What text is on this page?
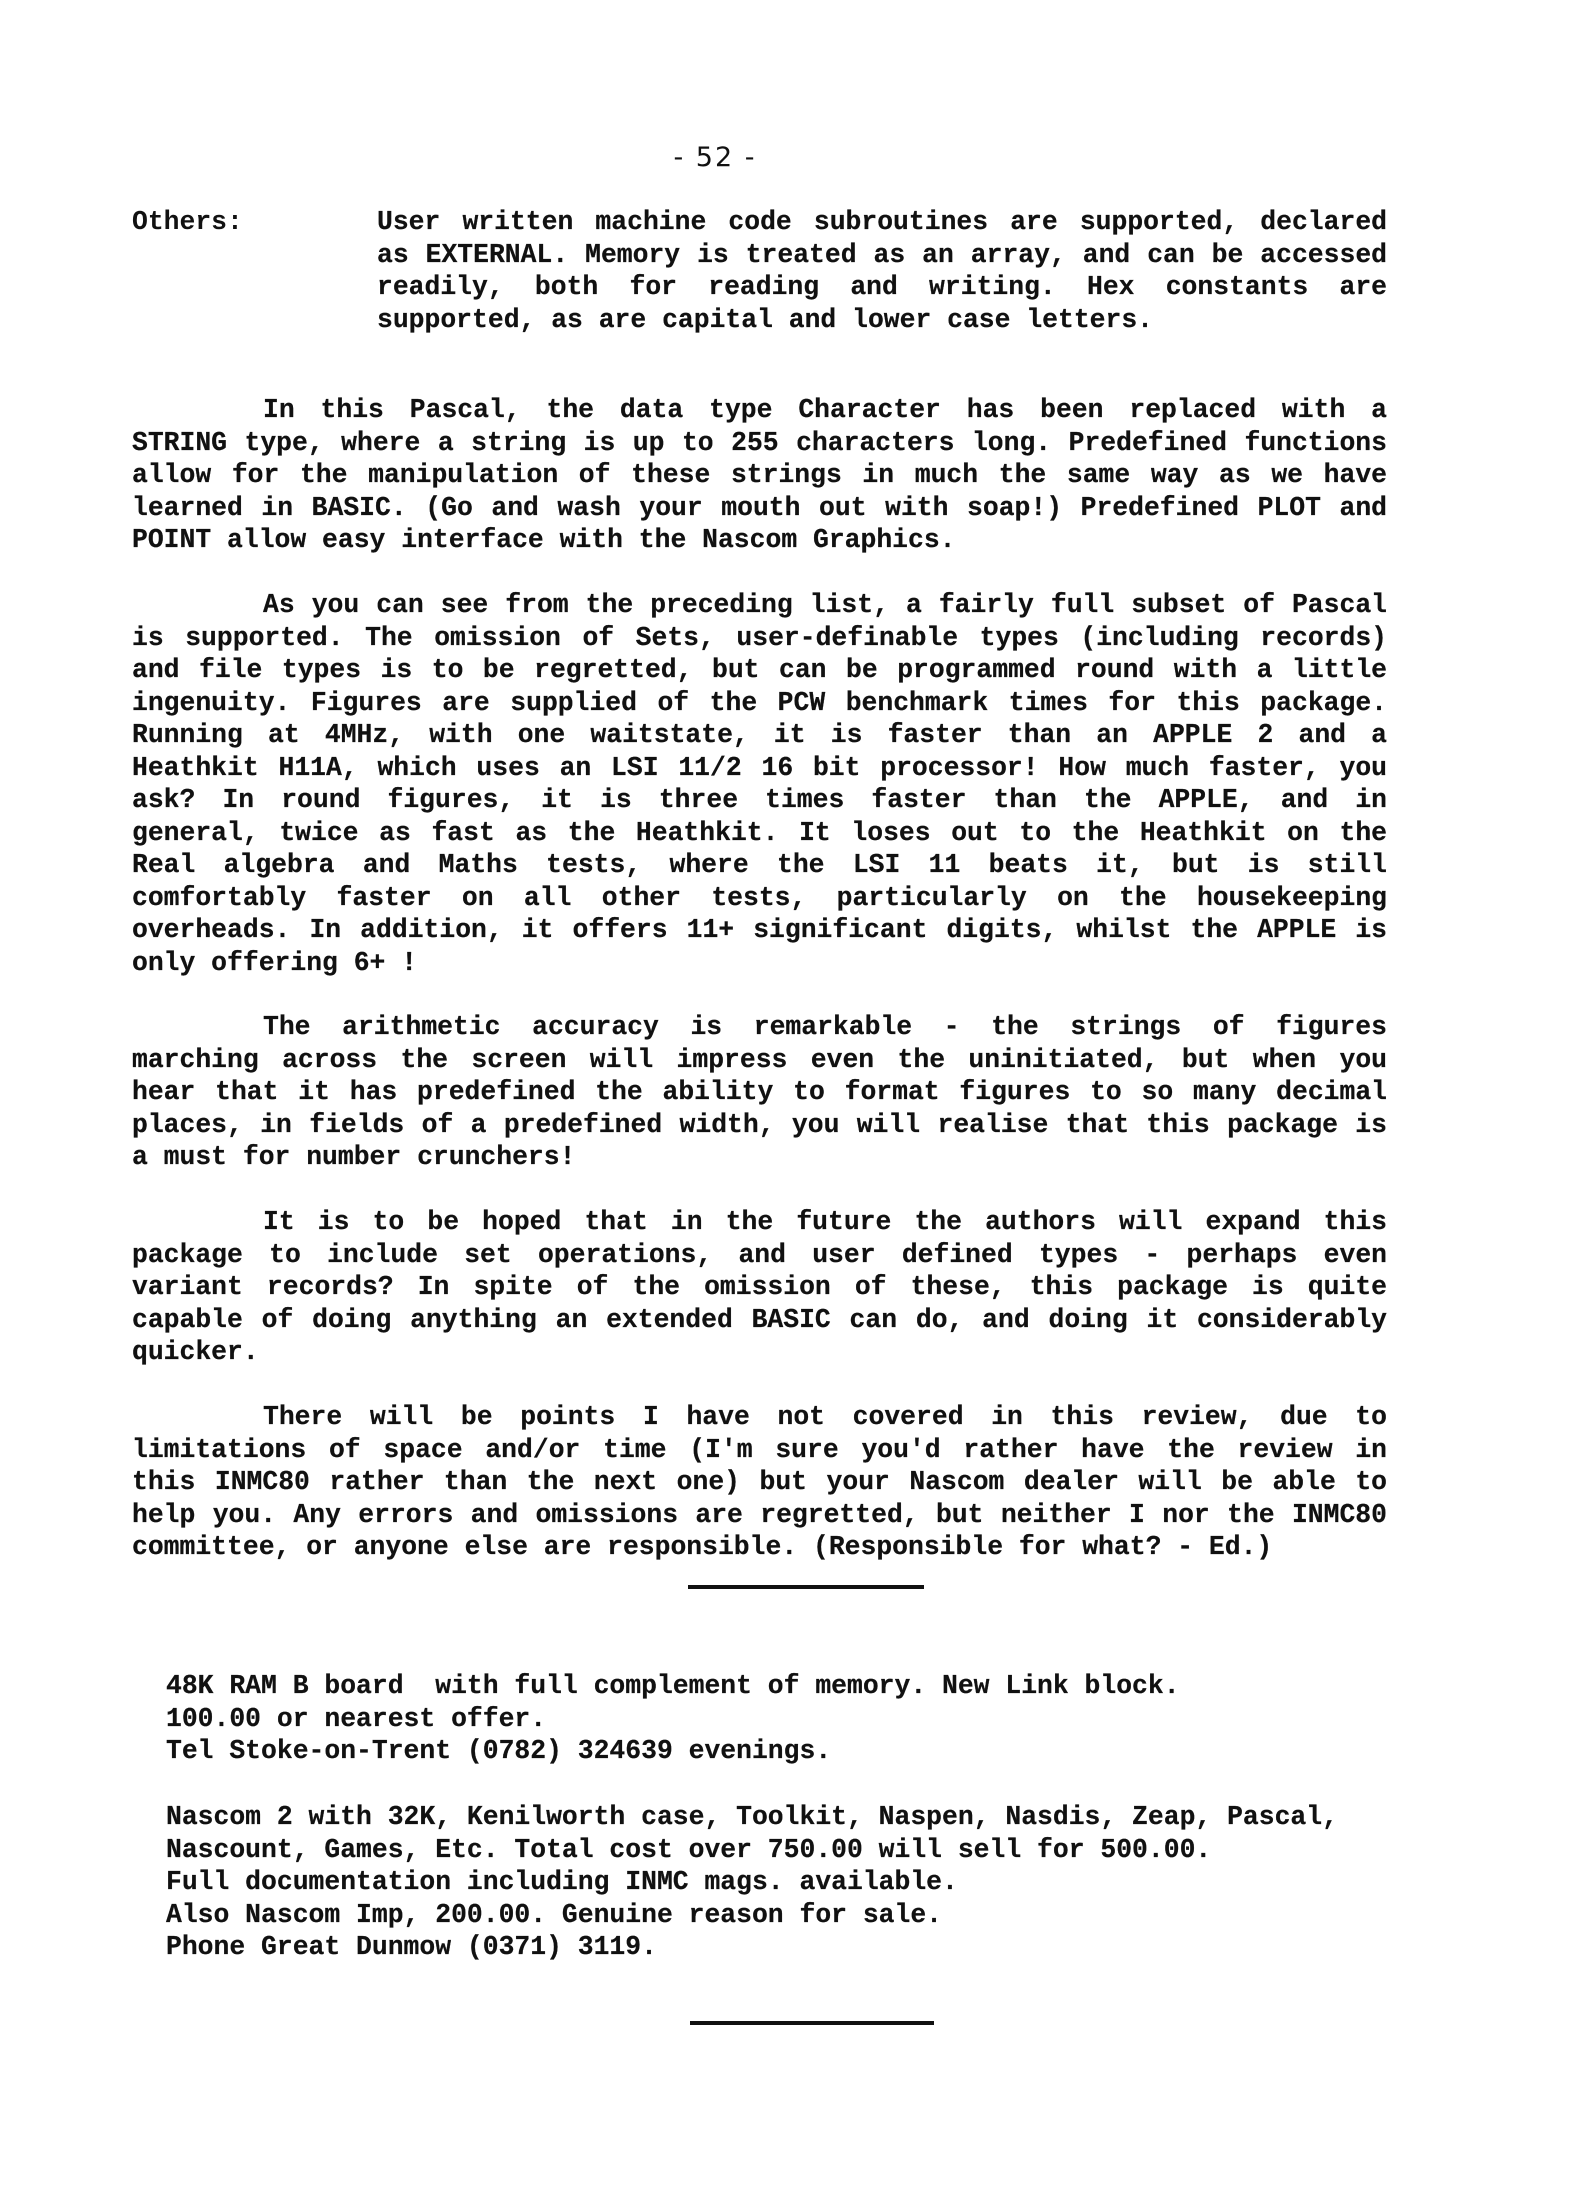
- 52 -
Others:	User written machine code subroutines are supported, declared
as EXTERNAL. Memory is treated as an array, and can be accessed
readily, both for reading and writing. Hex constants are
supported, as are capital and lower case letters.
In this Pascal, the data type Character has been replaced with a
STRING type, where a string is up to 255 characters long. Predefined functions
allow for the manipulation of these strings in much the same way as we have
learned in BASIC. (Go and wash your mouth out with soap!) Predefined PLOT and
POINT allow easy interface with the Nascom Graphics.
As you can see from the preceding list, a fairly full subset of Pascal
is supported. The omission of Sets, user-definable types (including records)
and file types is to be regretted, but can be programmed round with a little
ingenuity. Figures are supplied of the PCW benchmark times for this package.
Running at 4MHz, with one waitstate, it is faster than an APPLE 2 and a
Heathkit H11A, which uses an LSI 11/2 16 bit processor! How much faster, you
ask? In round figures, it is three times faster than the APPLE, and in
general, twice as fast as the Heathkit. It loses out to the Heathkit on the
Real algebra and Maths tests, where the LSI 11 beats it, but is still
comfortably faster on all other tests, particularly on the housekeeping
overheads. In addition, it offers 11+ significant digits, whilst the APPLE is
only offering 6+ !
The arithmetic accuracy is remarkable - the strings of figures
marching across the screen will impress even the uninitiated, but when you
hear that it has predefined the ability to format figures to so many decimal
places, in fields of a predefined width, you will realise that this package is
a must for number crunchers!
It is to be hoped that in the future the authors will expand this
package to include set operations, and user defined types - perhaps even
variant records? In spite of the omission of these, this package is quite
capable of doing anything an extended BASIC can do, and doing it considerably
quicker.
There will be points I have not covered in this review, due to
limitations of space and/or time (I'm sure you'd rather have the review in
this INMC80 rather than the next one) but your Nascom dealer will be able to
help you. Any errors and omissions are regretted, but neither I nor the INMC80
committee, or anyone else are responsible. (Responsible for what? - Ed.)
48K RAM B board  with full complement of memory. New Link block.
100.00 or nearest offer.
Tel Stoke-on-Trent (0782) 324639 evenings.
Nascom 2 with 32K, Kenilworth case, Toolkit, Naspen, Nasdis, Zeap, Pascal,
Nascount, Games, Etc. Total cost over 750.00 will sell for 500.00.
Full documentation including INMC mags. available.
Also Nascom Imp, 200.00. Genuine reason for sale.
Phone Great Dunmow (0371) 3119.
